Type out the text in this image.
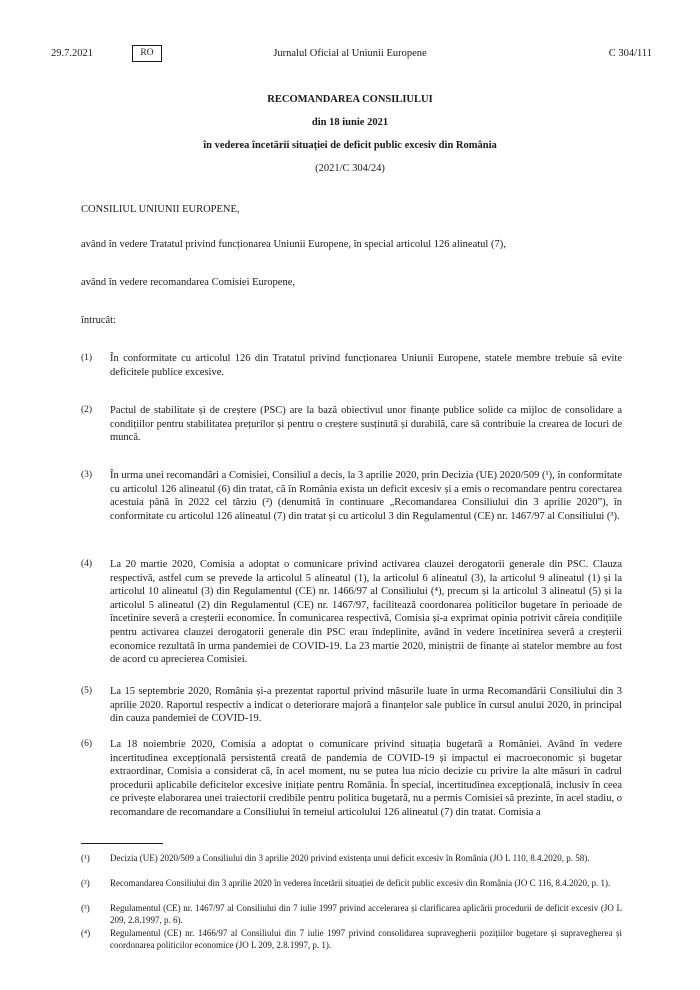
29.7.2021	RO	Jurnalul Oficial al Uniunii Europene	C 304/111
RECOMANDAREA CONSILIULUI
din 18 iunie 2021
în vederea încetării situației de deficit public excesiv din România
(2021/C 304/24)
CONSILIUL UNIUNII EUROPENE,
având în vedere Tratatul privind funcționarea Uniunii Europene, în special articolul 126 alineatul (7),
având în vedere recomandarea Comisiei Europene,
întrucât:
(1) În conformitate cu articolul 126 din Tratatul privind funcționarea Uniunii Europene, statele membre trebuie să evite deficitele publice excesive.
(2) Pactul de stabilitate și de creștere (PSC) are la bază obiectivul unor finanțe publice solide ca mijloc de consolidare a condițiilor pentru stabilitatea prețurilor și pentru o creștere susținută și durabilă, care să contribuie la crearea de locuri de muncă.
(3) În urma unei recomandări a Comisiei, Consiliul a decis, la 3 aprilie 2020, prin Decizia (UE) 2020/509 (¹), în conformitate cu articolul 126 alineatul (6) din tratat, că în România exista un deficit excesiv și a emis o recomandare pentru corectarea acestuia până în 2022 cel târziu (²) (denumită în continuare „Recomandarea Consiliului din 3 aprilie 2020”), în conformitate cu articolul 126 alineatul (7) din tratat și cu articolul 3 din Regulamentul (CE) nr. 1467/97 al Consiliului (³).
(4) La 20 martie 2020, Comisia a adoptat o comunicare privind activarea clauzei derogatorii generale din PSC. Clauza respectivă, astfel cum se prevede la articolul 5 alineatul (1), la articolul 6 alineatul (3), la articolul 9 alineatul (1) și la articolul 10 alineatul (3) din Regulamentul (CE) nr. 1466/97 al Consiliului (⁴), precum și la articolul 3 alineatul (5) și la articolul 5 alineatul (2) din Regulamentul (CE) nr. 1467/97, facilitează coordonarea politicilor bugetare în perioade de încetinire severă a creșterii economice. În comunicarea respectivă, Comisia și-a exprimat opinia potrivit căreia condițiile pentru activarea clauzei derogatorii generale din PSC erau îndeplinite, având în vedere încetinirea severă a creșterii economice rezultată în urma pandemiei de COVID-19. La 23 martie 2020, miniștrii de finanțe ai statelor membre au fost de acord cu aprecierea Comisiei.
(5) La 15 septembrie 2020, România și-a prezentat raportul privind măsurile luate în urma Recomandării Consiliului din 3 aprilie 2020. Raportul respectiv a indicat o deteriorare majoră a finanțelor sale publice în cursul anului 2020, în principal din cauza pandemiei de COVID-19.
(6) La 18 noiembrie 2020, Comisia a adoptat o comunicare privind situația bugetară a României. Având în vedere incertitudinea excepțională persistentă creată de pandemia de COVID-19 și impactul ei macroeconomic și bugetar extraordinar, Comisia a considerat că, în acel moment, nu se putea lua nicio decizie cu privire la alte măsuri în cadrul procedurii aplicabile deficitelor excesive inițiate pentru România. În special, incertitudinea excepțională, inclusiv în ceea ce privește elaborarea unei traiectorii credibile pentru politica bugetară, nu a permis Comisiei să prezinte, în acel stadiu, o recomandare de recomandare a Consiliului în temeiul articolului 126 alineatul (7) din tratat. Comisia a
(¹) Decizia (UE) 2020/509 a Consiliului din 3 aprilie 2020 privind existența unui deficit excesiv în România (JO L 110, 8.4.2020, p. 58).
(²) Recomandarea Consiliului din 3 aprilie 2020 în vederea încetării situației de deficit public excesiv din România (JO C 116, 8.4.2020, p. 1).
(³) Regulamentul (CE) nr. 1467/97 al Consiliului din 7 iulie 1997 privind accelerarea și clarificarea aplicării procedurii de deficit excesiv (JO L 209, 2.8.1997, p. 6).
(⁴) Regulamentul (CE) nr. 1466/97 al Consiliului din 7 iulie 1997 privind consolidarea supravegherii pozițiilor bugetare și supravegherea și coordonarea politicilor economice (JO L 209, 2.8.1997, p. 1).
